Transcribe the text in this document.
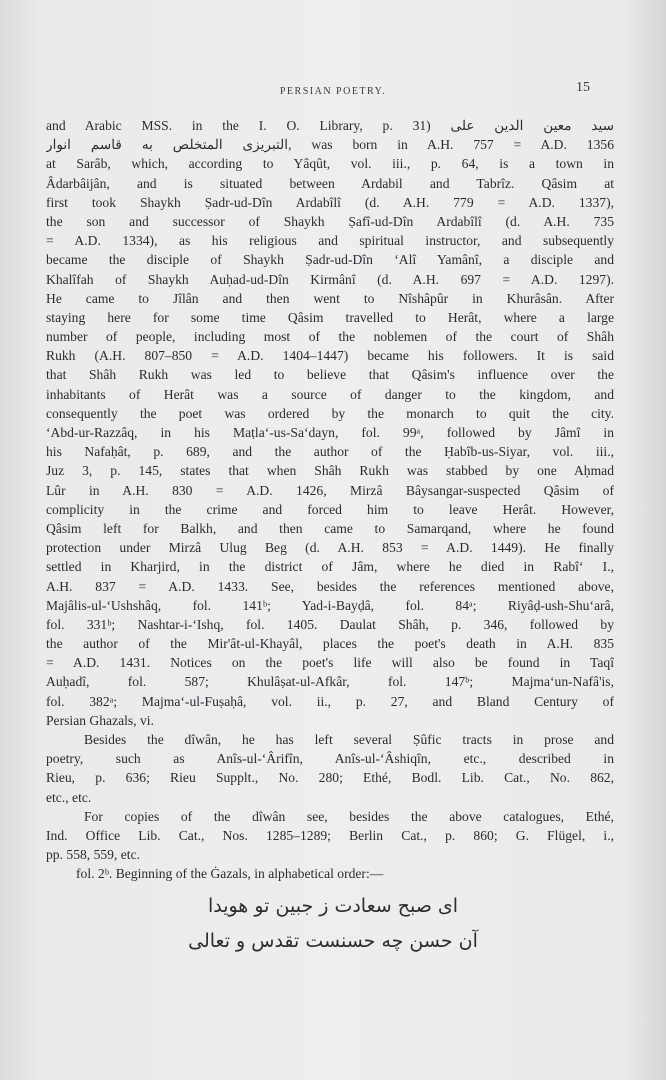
PERSIAN POETRY.	15
and Arabic MSS. in the I. O. Library, p. 31) سید معین الدین علی
التبریزی المتخلص به قاسم انوار, was born in A.H. 757 = A.D. 1356
at Sarâb, which, according to Yâqût, vol. iii., p. 64, is a town in
Âdarbâijân, and is situated between Ardabil and Tabrîz. Qâsim at
first took Shaykh Ṣadr-ud-Dîn Ardabîlî (d. A.H. 779 = A.D. 1337),
the son and successor of Shaykh Ṣafî-ud-Dîn Ardabîlî (d. A.H. 735
= A.D. 1334), as his religious and spiritual instructor, and subsequently
became the disciple of Shaykh Ṣadr-ud-Dîn ‘Alî Yamânî, a disciple and
Khalîfah of Shaykh Auḥad-ud-Dîn Kirmânî (d. A.H. 697 = A.D. 1297).
He came to Jîlân and then went to Nîshâpûr in Khurâsân. After
staying here for some time Qâsim travelled to Herât, where a large
number of people, including most of the noblemen of the court of Shâh
Rukh (A.H. 807–850 = A.D. 1404–1447) became his followers. It is said
that Shâh Rukh was led to believe that Qâsim's influence over the
inhabitants of Herât was a source of danger to the kingdom, and
consequently the poet was ordered by the monarch to quit the city.
‘Abd-ur-Razzâq, in his Maṭla‘-us-Sa‘dayn, fol. 99ᵃ, followed by Jâmî in
his Nafaḥât, p. 689, and the author of the Ḥabîb-us-Siyar, vol. iii.,
Juz 3, p. 145, states that when Shâh Rukh was stabbed by one Aḥmad
Lûr in A.H. 830 = A.D. 1426, Mirzâ Bâysangar-suspected Qâsim of
complicity in the crime and forced him to leave Herât. However,
Qâsim left for Balkh, and then came to Samarqand, where he found
protection under Mirzâ Ulug Beg (d. A.H. 853 = A.D. 1449). He finally
settled in Kharjird, in the district of Jâm, where he died in Rabî‘ I.,
A.H. 837 = A.D. 1433. See, besides the references mentioned above,
Majâlis-ul-‘Ushshâq, fol. 141ᵇ; Yad-i-Bayḍâ, fol. 84ᵃ; Riyâḍ-ush-Shu‘arâ,
fol. 331ᵇ; Nashtar-i-‘Ishq, fol. 1405. Daulat Shâh, p. 346, followed by
the author of the Mir'ât-ul-Khayâl, places the poet's death in A.H. 835
= A.D. 1431. Notices on the poet's life will also be found in Taqî
Auḥadî, fol. 587; Khulâṣat-ul-Afkâr, fol. 147ᵇ; Majma‘un-Nafâ'is,
fol. 382ᵃ; Majma‘-ul-Fuṣaḥâ, vol. ii., p. 27, and Bland Century of
Persian Ghazals, vi.
Besides the dîwân, he has left several Ṣûfic tracts in prose and
poetry, such as Anîs-ul-‘Ârifîn, Anîs-ul-‘Âshiqîn, etc., described in
Rieu, p. 636; Rieu Supplt., No. 280; Ethé, Bodl. Lib. Cat., No. 862,
etc., etc.
For copies of the dîwân see, besides the above catalogues, Ethé,
Ind. Office Lib. Cat., Nos. 1285–1289; Berlin Cat., p. 860; G. Flügel, i.,
pp. 558, 559, etc.
fol. 2ᵇ. Beginning of the Ġazals, in alphabetical order:—
ای صبح سعادت ز جبین تو هویدا
آن حسن چه حسنست تقدس و تعالی
